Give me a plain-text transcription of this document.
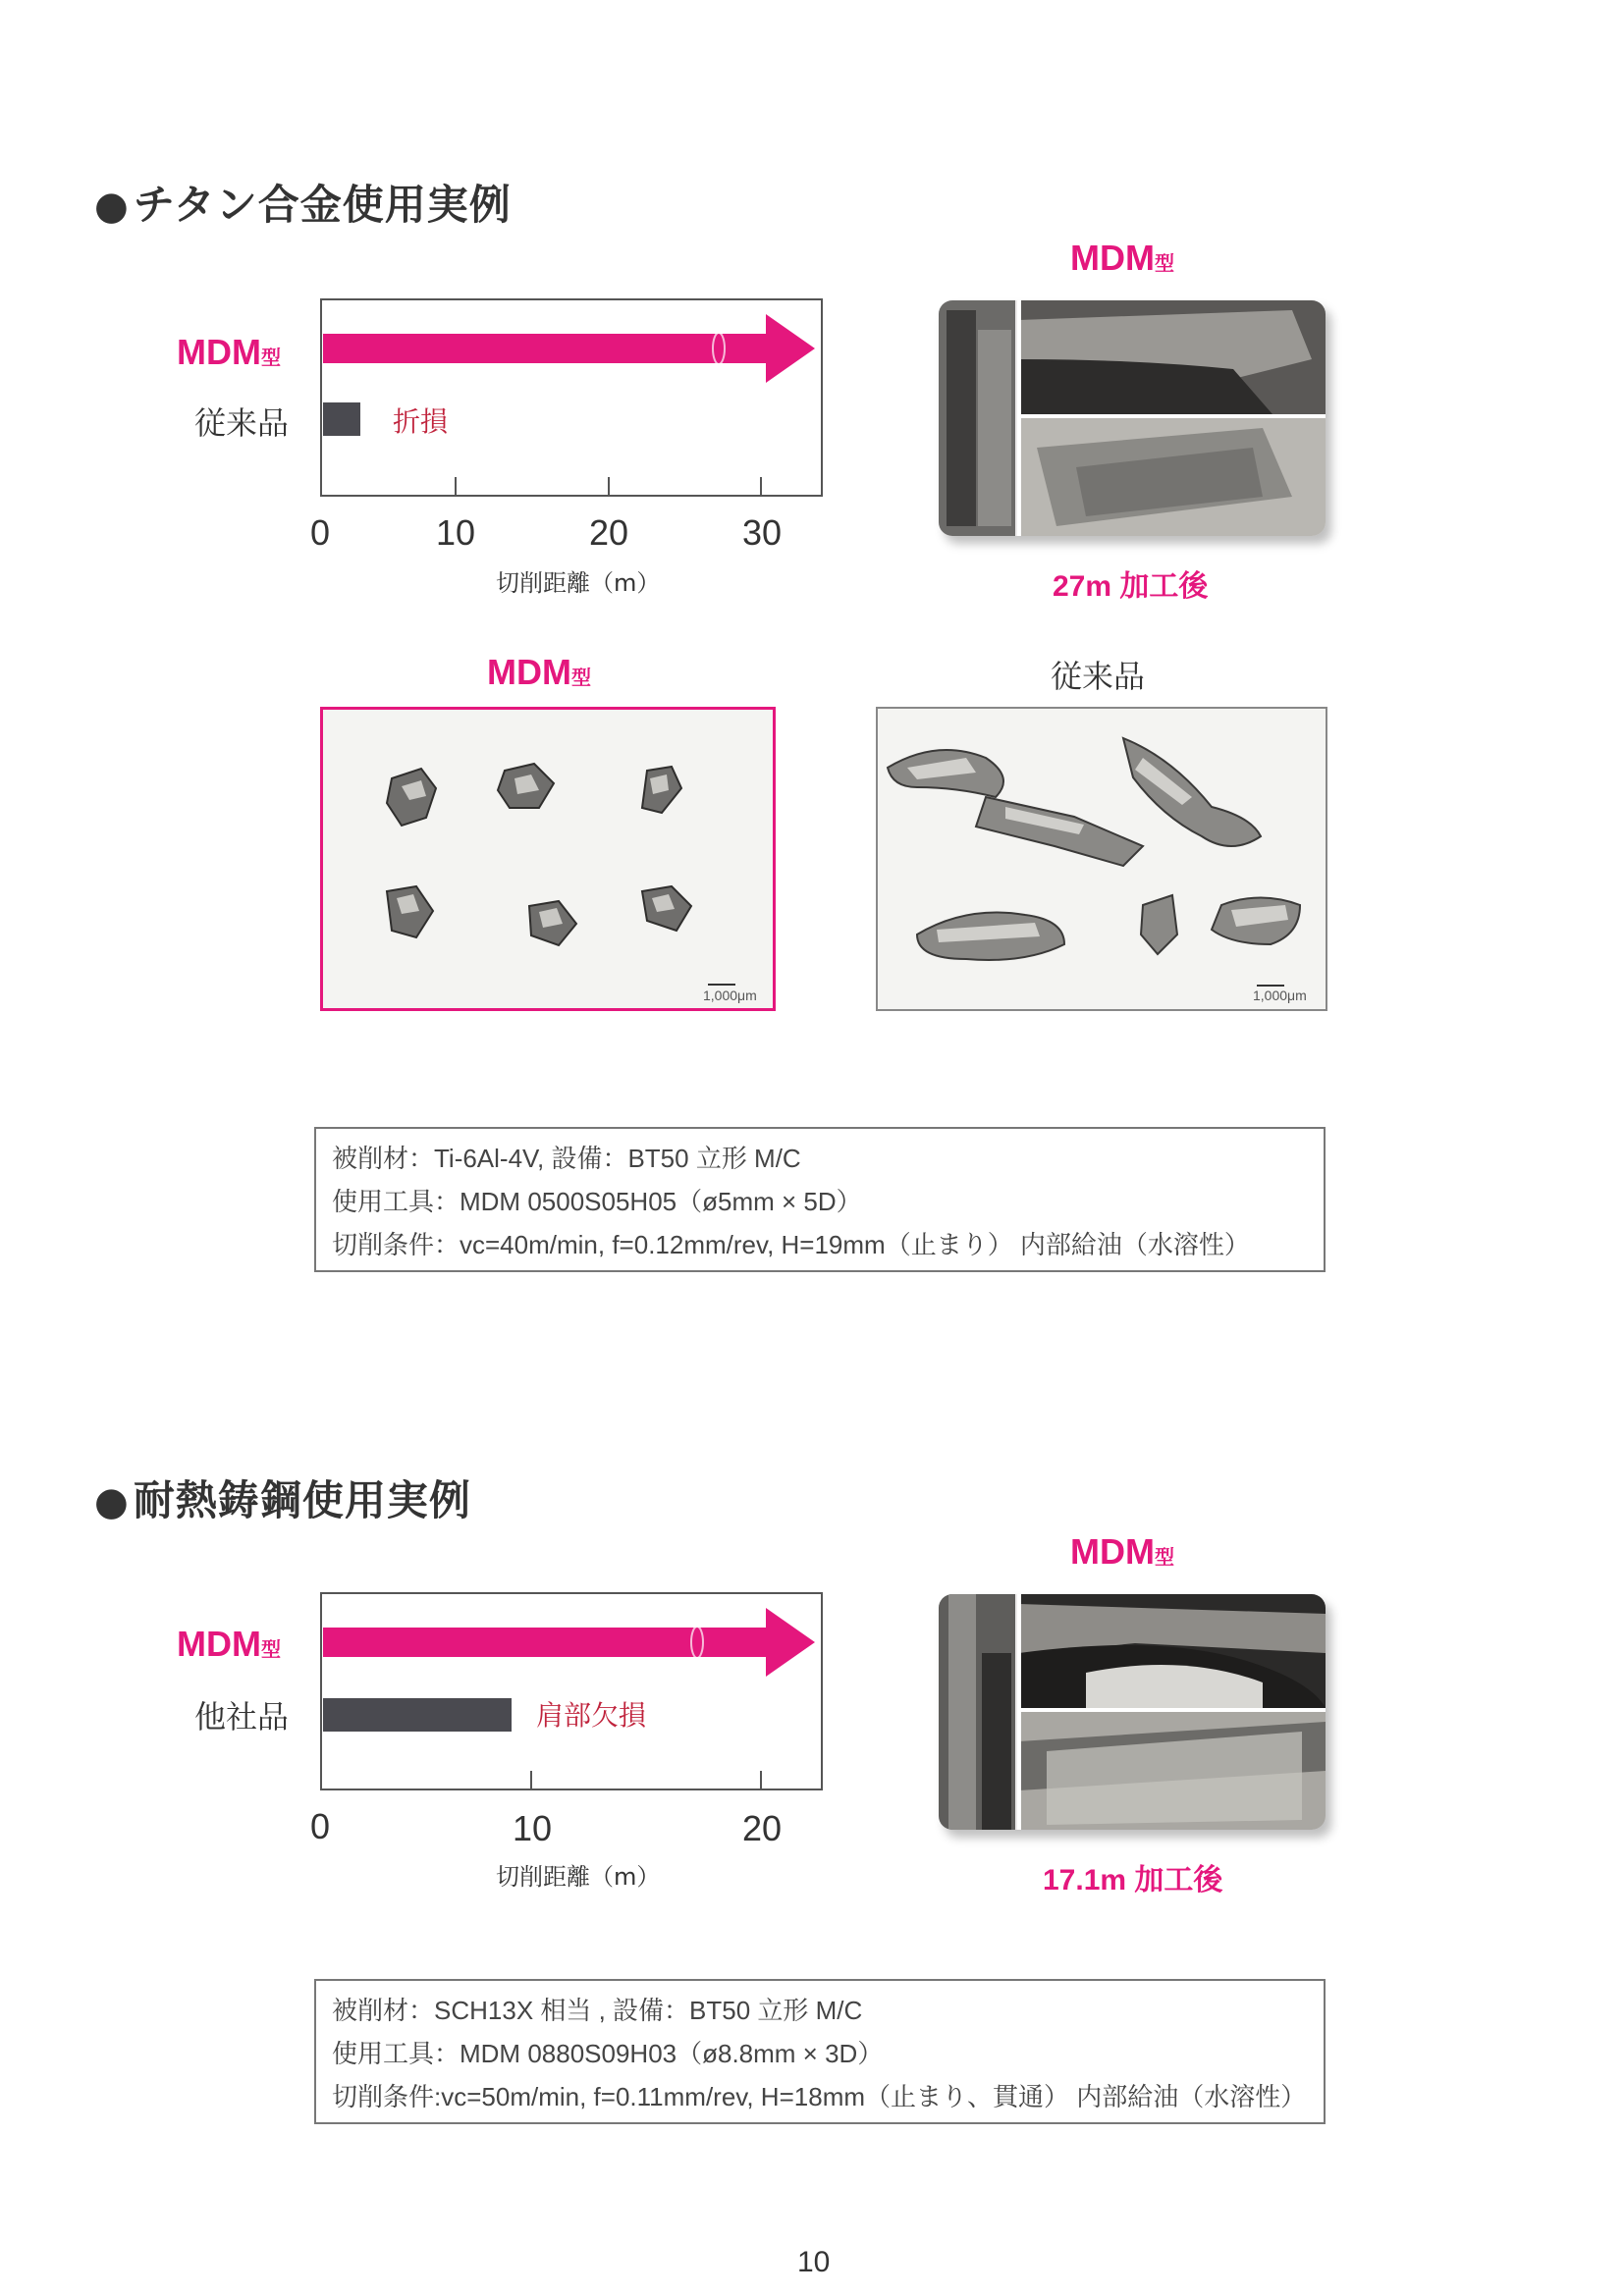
●チタン合金使用実例
MDM型
従来品	折損
0	10	20	30
切削距離（m）
MDM型
27m 加工後
MDM型	従来品
1,000μm	1,000μm
被削材：Ti-6Al-4V, 設備：BT50 立形 M/C
使用工具：MDM 0500S05H05（ø5mm × 5D）
切削条件：vc=40m/min, f=0.12mm/rev, H=19mm（止まり） 内部給油（水溶性）
●耐熱鋳鋼使用実例
MDM型
他社品	肩部欠損
0	10	20
切削距離（m）
MDM型
17.1m 加工後
被削材：SCH13X 相当 , 設備：BT50 立形 M/C
使用工具：MDM 0880S09H03（ø8.8mm × 3D）
切削条件:vc=50m/min, f=0.11mm/rev, H=18mm（止まり、貫通） 内部給油（水溶性）
10
